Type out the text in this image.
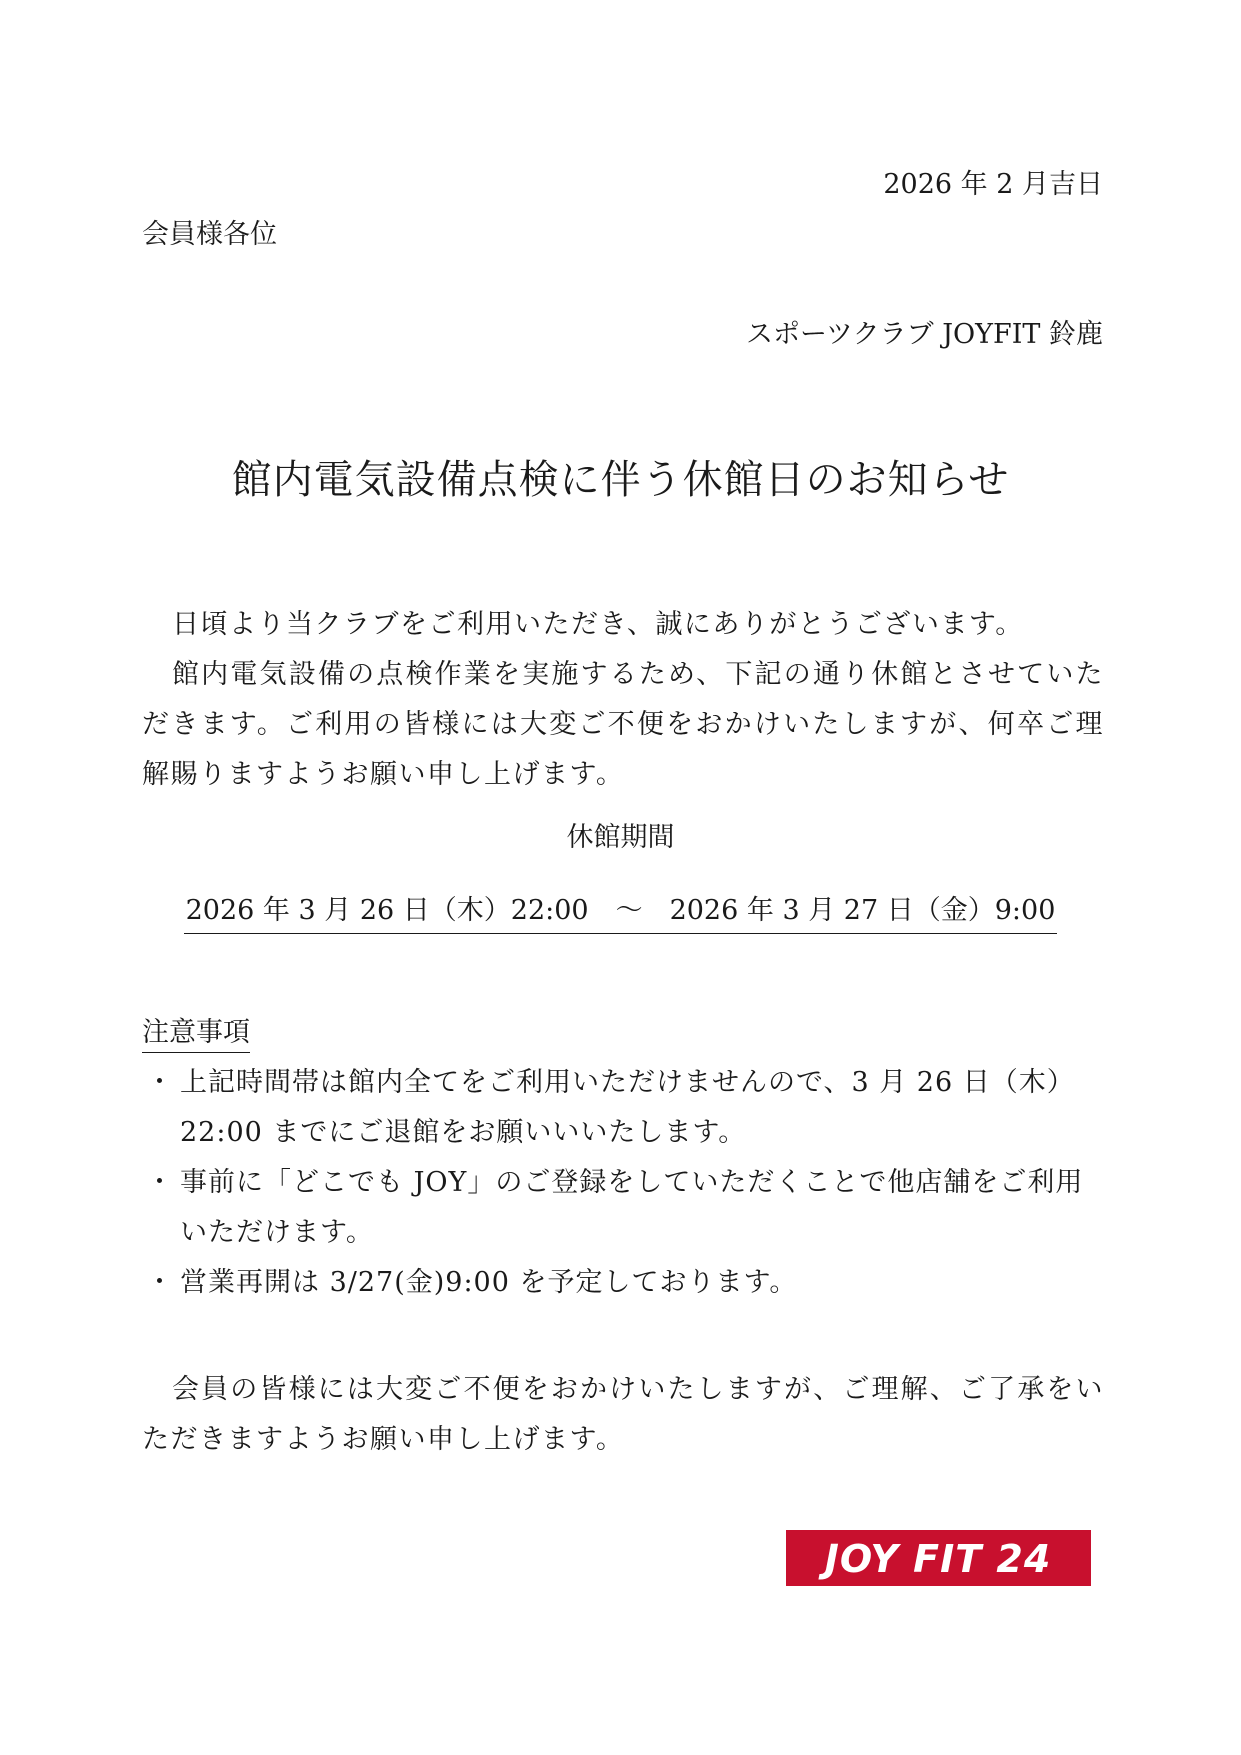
2026 年 2 月吉日
会員様各位
スポーツクラブ JOYFIT 鈴鹿
館内電気設備点検に伴う休館日のお知らせ

日頃より当クラブをご利用いただき、誠にありがとうございます。

館内電気設備の点検作業を実施するため、下記の通り休館とさせていただきます。ご利用の皆様には大変ご不便をおかけいたしますが、何卒ご理解賜りますようお願い申し上げます。

休館期間
2026 年 3 月 26 日（木）22:00　～　2026 年 3 月 27 日（金）9:00
注意事項
・ 上記時間帯は館内全てをご利用いただけませんので、3 月 26 日（木）22:00 までにご退館をお願いいいたします。
・ 事前に「どこでも JOY」のご登録をしていただくことで他店舗をご利用いただけます。
・ 営業再開は 3/27(金)9:00 を予定しております。

会員の皆様には大変ご不便をおかけいたしますが、ご理解、ご了承をいただきますようお願い申し上げます。

JOY FIT 24
